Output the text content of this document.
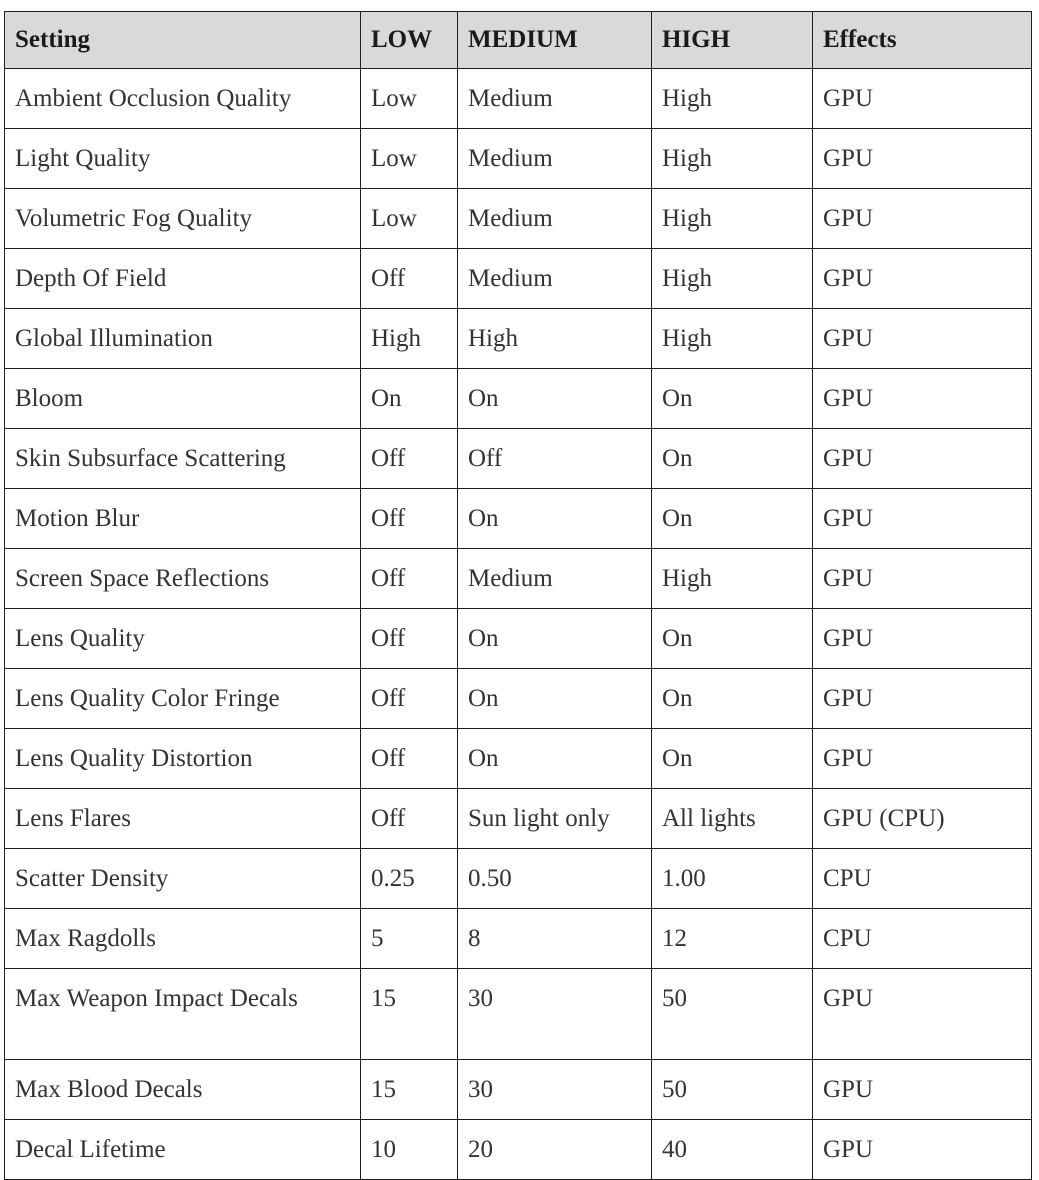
Setting	LOW	MEDIUM	HIGH	Effects
Ambient Occlusion Quality	Low	Medium	High	GPU
Light Quality	Low	Medium	High	GPU
Volumetric Fog Quality	Low	Medium	High	GPU
Depth Of Field	Off	Medium	High	GPU
Global Illumination	High	High	High	GPU
Bloom	On	On	On	GPU
Skin Subsurface Scattering	Off	Off	On	GPU
Motion Blur	Off	On	On	GPU
Screen Space Reflections	Off	Medium	High	GPU
Lens Quality	Off	On	On	GPU
Lens Quality Color Fringe	Off	On	On	GPU
Lens Quality Distortion	Off	On	On	GPU
Lens Flares	Off	Sun light only	All lights	GPU (CPU)
Scatter Density	0.25	0.50	1.00	CPU
Max Ragdolls	5	8	12	CPU
Max Weapon Impact Decals	15	30	50	GPU
Max Blood Decals	15	30	50	GPU
Decal Lifetime	10	20	40	GPU
